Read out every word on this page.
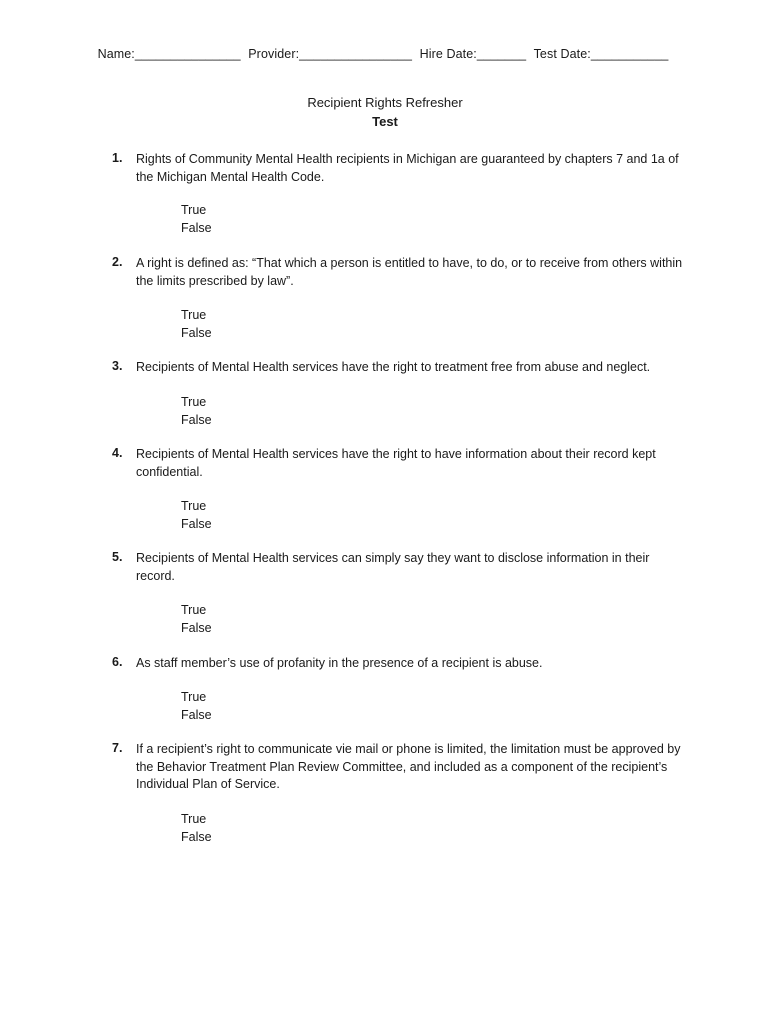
Name:_______________ Provider:________________ Hire Date:_______ Test Date:___________
Recipient Rights Refresher
Test
1. Rights of Community Mental Health recipients in Michigan are guaranteed by chapters 7 and 1a of the Michigan Mental Health Code.
True
False
2. A right is defined as: “That which a person is entitled to have, to do, or to receive from others within the limits prescribed by law”.
True
False
3. Recipients of Mental Health services have the right to treatment free from abuse and neglect.
True
False
4. Recipients of Mental Health services have the right to have information about their record kept confidential.
True
False
5. Recipients of Mental Health services can simply say they want to disclose information in their record.
True
False
6. As staff member’s use of profanity in the presence of a recipient is abuse.
True
False
7. If a recipient’s right to communicate vie mail or phone is limited, the limitation must be approved by the Behavior Treatment Plan Review Committee, and included as a component of the recipient’s Individual Plan of Service.
True
False
